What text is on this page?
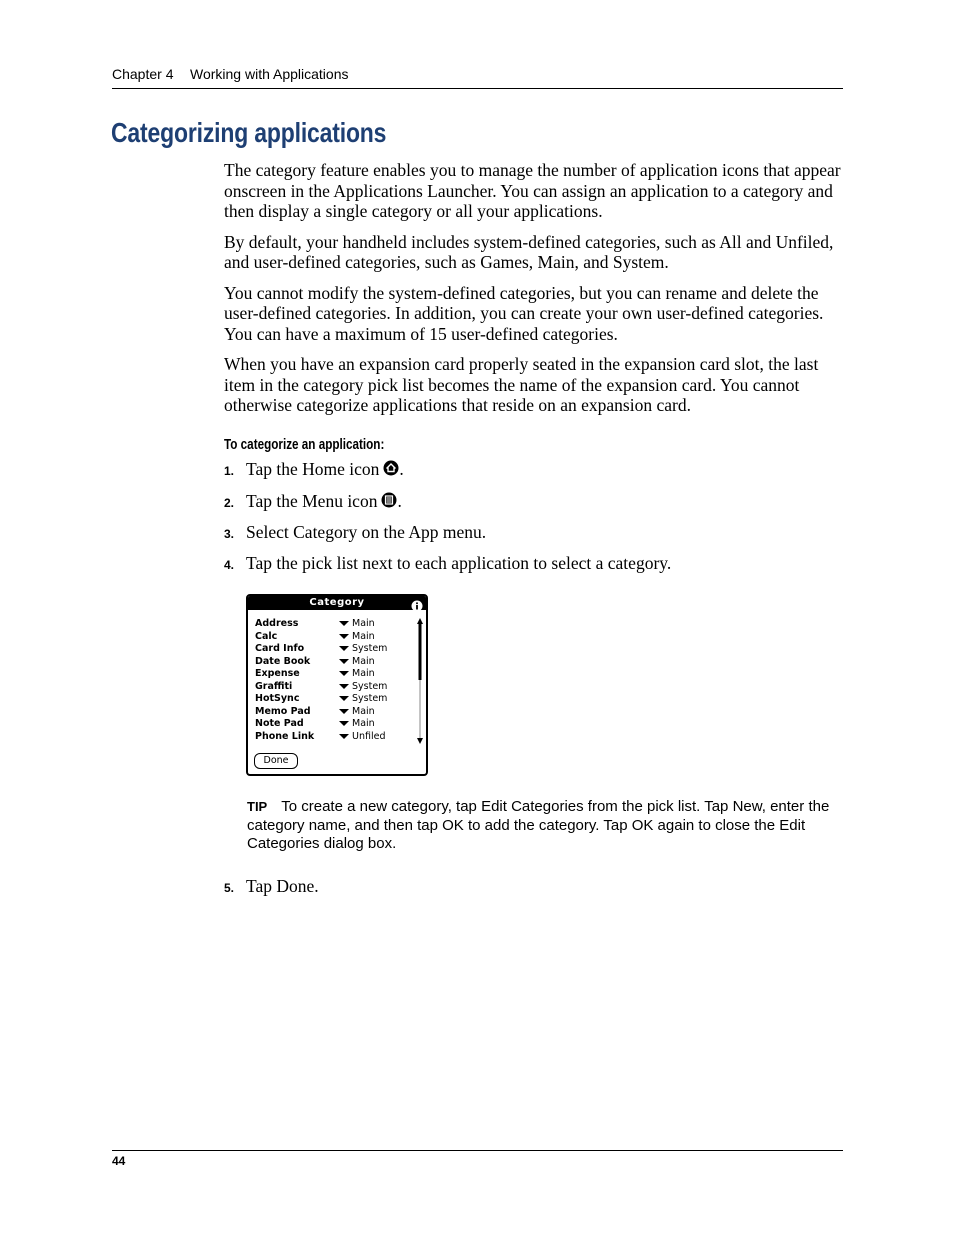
Chapter 4 Working with Applications
Categorizing applications

The category feature enables you to manage the number of application icons that appear onscreen in the Applications Launcher. You can assign an application to a category and then display a single category or all your applications.

By default, your handheld includes system-defined categories, such as All and Unfiled, and user-defined categories, such as Games, Main, and System.

You cannot modify the system-defined categories, but you can rename and delete the user-defined categories. In addition, you can create your own user-defined categories. You can have a maximum of 15 user-defined categories.

When you have an expansion card properly seated in the expansion card slot, the last item in the category pick list becomes the name of the expansion card. You cannot otherwise categorize applications that reside on an expansion card.

To categorize an application:
1. Tap the Home icon .
2. Tap the Menu icon .
3. Select Category on the App menu.
4. Tap the pick list next to each application to select a category.
Category
Address	Main
Calc	Main
Card Info	System
Date Book	Main
Expense	Main
Graffiti	System
HotSync	System
Memo Pad	Main
Note Pad	Main
Phone Link	Unfiled
Done
TIP To create a new category, tap Edit Categories from the pick list. Tap New, enter the category name, and then tap OK to add the category. Tap OK again to close the Edit Categories dialog box.
5. Tap Done.
44
